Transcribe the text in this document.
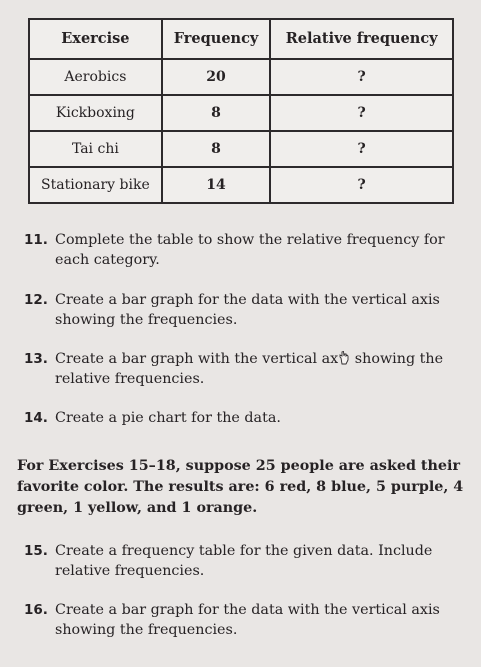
Exercise	Frequency	Relative frequency
Aerobics	20	?
Kickboxing	8	?
Tai chi	8	?
Stationary bike	14	?
11. Complete the table to show the relative frequency for each category.
12. Create a bar graph for the data with the vertical axis showing the frequencies.
13. Create a bar graph with the vertical ax showing the relative frequencies.
14. Create a pie chart for the data.
For Exercises 15–18, suppose 25 people are asked their favorite color. The results are: 6 red, 8 blue, 5 purple, 4 green, 1 yellow, and 1 orange.
15. Create a frequency table for the given data. Include relative frequencies.
16. Create a bar graph for the data with the vertical axis showing the frequencies.
